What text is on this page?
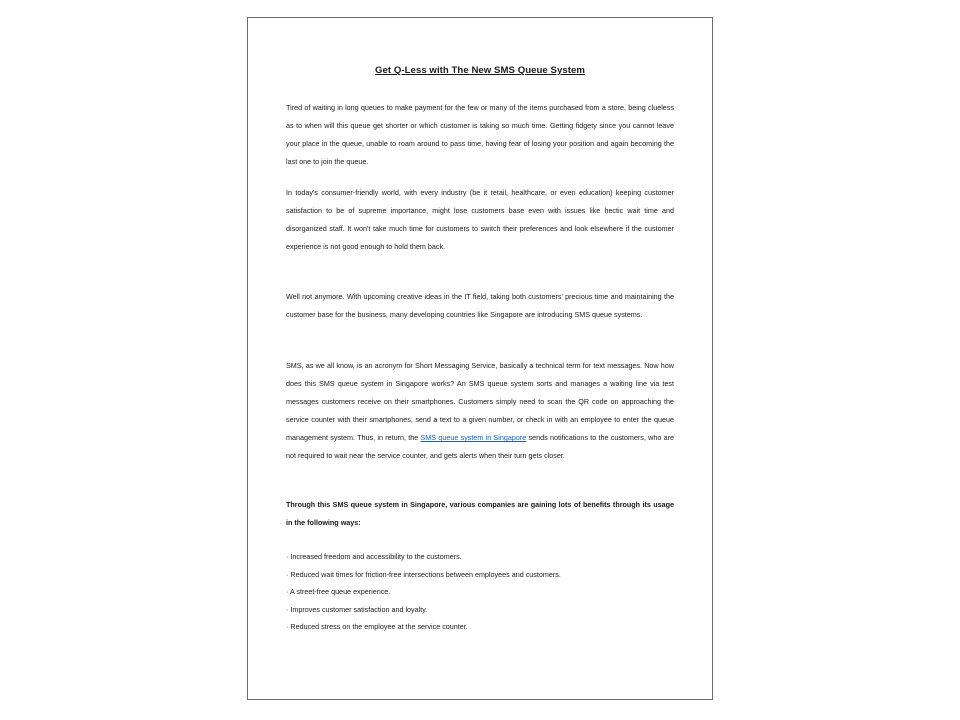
Get Q-Less with The New SMS Queue System

Tired of waiting in long queues to make payment for the few or many of the items purchased from a store, being clueless as to when will this queue get shorter or which customer is taking so much time. Getting fidgety since you cannot leave your place in the queue, unable to roam around to pass time, having fear of losing your position and again becoming the last one to join the queue.

In today's consumer-friendly world, with every industry (be it retail, healthcare, or even education) keeping customer satisfaction to be of supreme importance, might lose customers base even with issues like hectic wait time and disorganized staff. It won't take much time for customers to switch their preferences and look elsewhere if the customer experience is not good enough to hold them back.

Well not anymore. With upcoming creative ideas in the IT field, taking both customers' precious time and maintaining the customer base for the business, many developing countries like Singapore are introducing SMS queue systems.

SMS, as we all know, is an acronym for Short Messaging Service, basically a technical term for text messages. Now how does this SMS queue system in Singapore works? An SMS queue system sorts and manages a waiting line via test messages customers receive on their smartphones. Customers simply need to scan the QR code on approaching the service counter with their smartphones, send a text to a given number, or check in with an employee to enter the queue management system. Thus, in return, the SMS queue system in Singapore sends notifications to the customers, who are not required to wait near the service counter, and gets alerts when their turn gets closer.

Through this SMS queue system in Singapore, various companies are gaining lots of benefits through its usage in the following ways:

· Increased freedom and accessibility to the customers.
· Reduced wait times for friction-free intersections between employees and customers.
· A street-free queue experience.
· Improves customer satisfaction and loyalty.
· Reduced stress on the employee at the service counter.
